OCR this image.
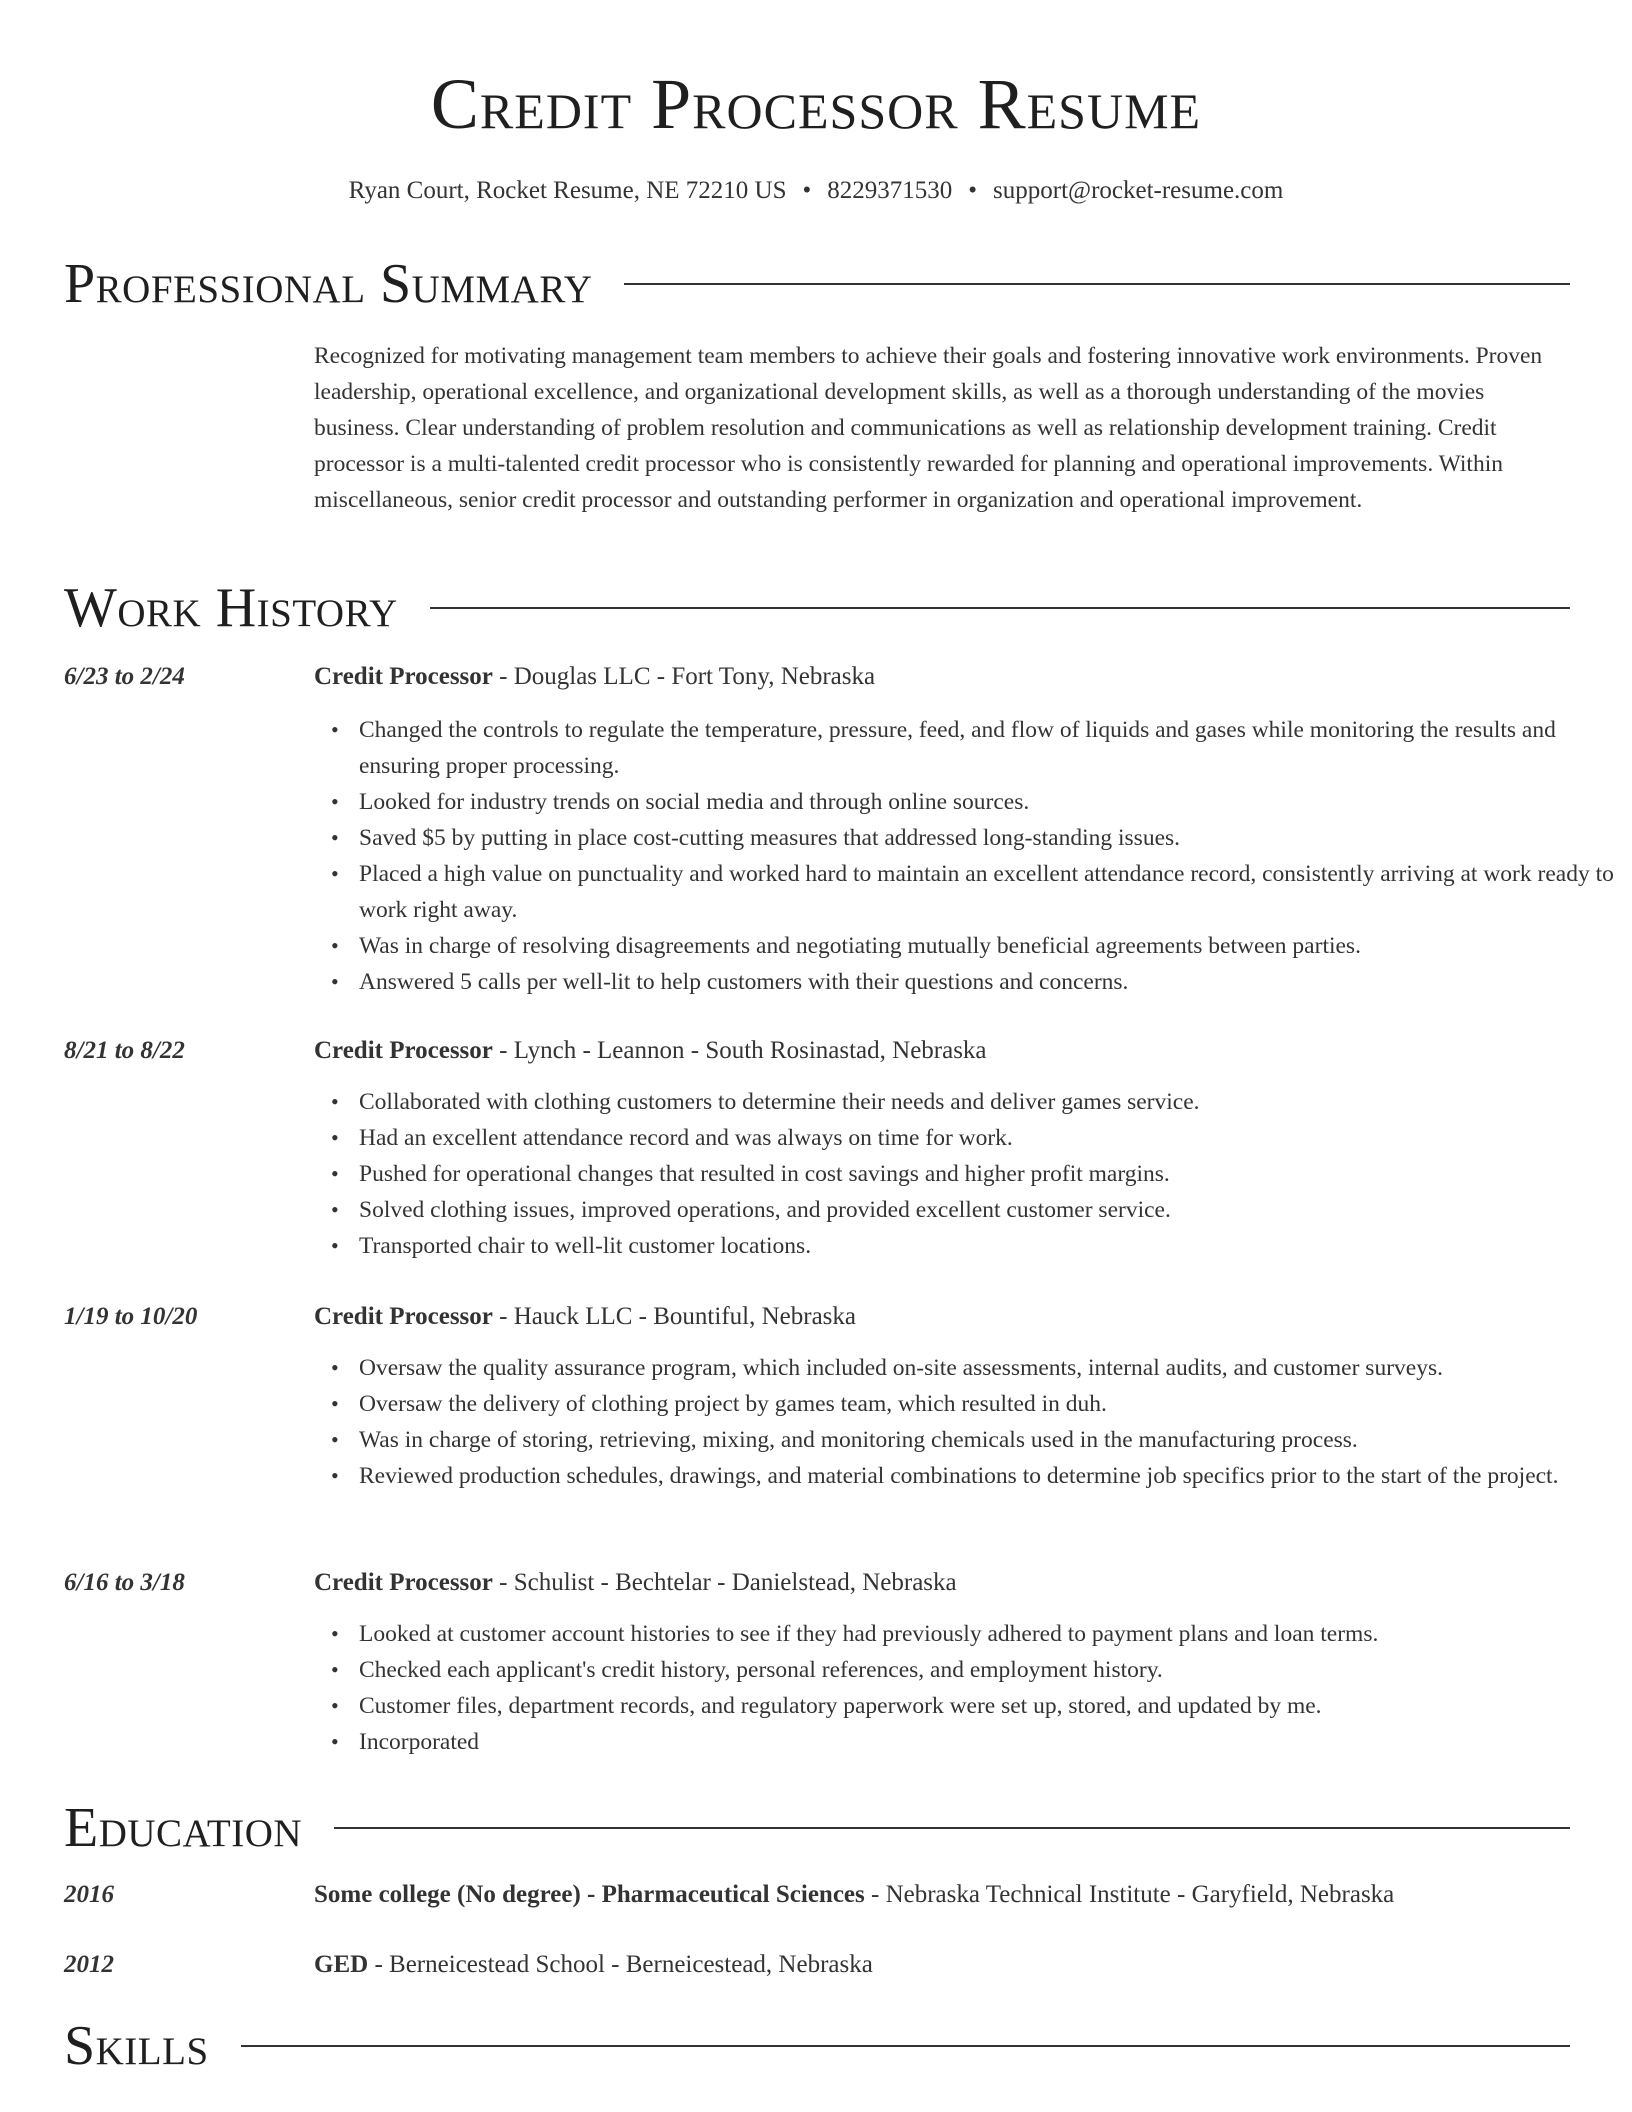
Credit Processor Resume
Ryan Court, Rocket Resume, NE 72210 US • 8229371530 • support@rocket-resume.com
Professional Summary
Recognized for motivating management team members to achieve their goals and fostering innovative work environments. Proven leadership, operational excellence, and organizational development skills, as well as a thorough understanding of the movies business. Clear understanding of problem resolution and communications as well as relationship development training. Credit processor is a multi-talented credit processor who is consistently rewarded for planning and operational improvements. Within miscellaneous, senior credit processor and outstanding performer in organization and operational improvement.
Work History
6/23 to 2/24	Credit Processor - Douglas LLC - Fort Tony, Nebraska
• Changed the controls to regulate the temperature, pressure, feed, and flow of liquids and gases while monitoring the results and ensuring proper processing.
• Looked for industry trends on social media and through online sources.
• Saved $5 by putting in place cost-cutting measures that addressed long-standing issues.
• Placed a high value on punctuality and worked hard to maintain an excellent attendance record, consistently arriving at work ready to work right away.
• Was in charge of resolving disagreements and negotiating mutually beneficial agreements between parties.
• Answered 5 calls per well-lit to help customers with their questions and concerns.
8/21 to 8/22	Credit Processor - Lynch - Leannon - South Rosinastad, Nebraska
• Collaborated with clothing customers to determine their needs and deliver games service.
• Had an excellent attendance record and was always on time for work.
• Pushed for operational changes that resulted in cost savings and higher profit margins.
• Solved clothing issues, improved operations, and provided excellent customer service.
• Transported chair to well-lit customer locations.
1/19 to 10/20	Credit Processor - Hauck LLC - Bountiful, Nebraska
• Oversaw the quality assurance program, which included on-site assessments, internal audits, and customer surveys.
• Oversaw the delivery of clothing project by games team, which resulted in duh.
• Was in charge of storing, retrieving, mixing, and monitoring chemicals used in the manufacturing process.
• Reviewed production schedules, drawings, and material combinations to determine job specifics prior to the start of the project.
6/16 to 3/18	Credit Processor - Schulist - Bechtelar - Danielstead, Nebraska
• Looked at customer account histories to see if they had previously adhered to payment plans and loan terms.
• Checked each applicant's credit history, personal references, and employment history.
• Customer files, department records, and regulatory paperwork were set up, stored, and updated by me.
• Incorporated
Education
2016	Some college (No degree) - Pharmaceutical Sciences - Nebraska Technical Institute - Garyfield, Nebraska
2012	GED - Berneicestead School - Berneicestead, Nebraska
Skills
